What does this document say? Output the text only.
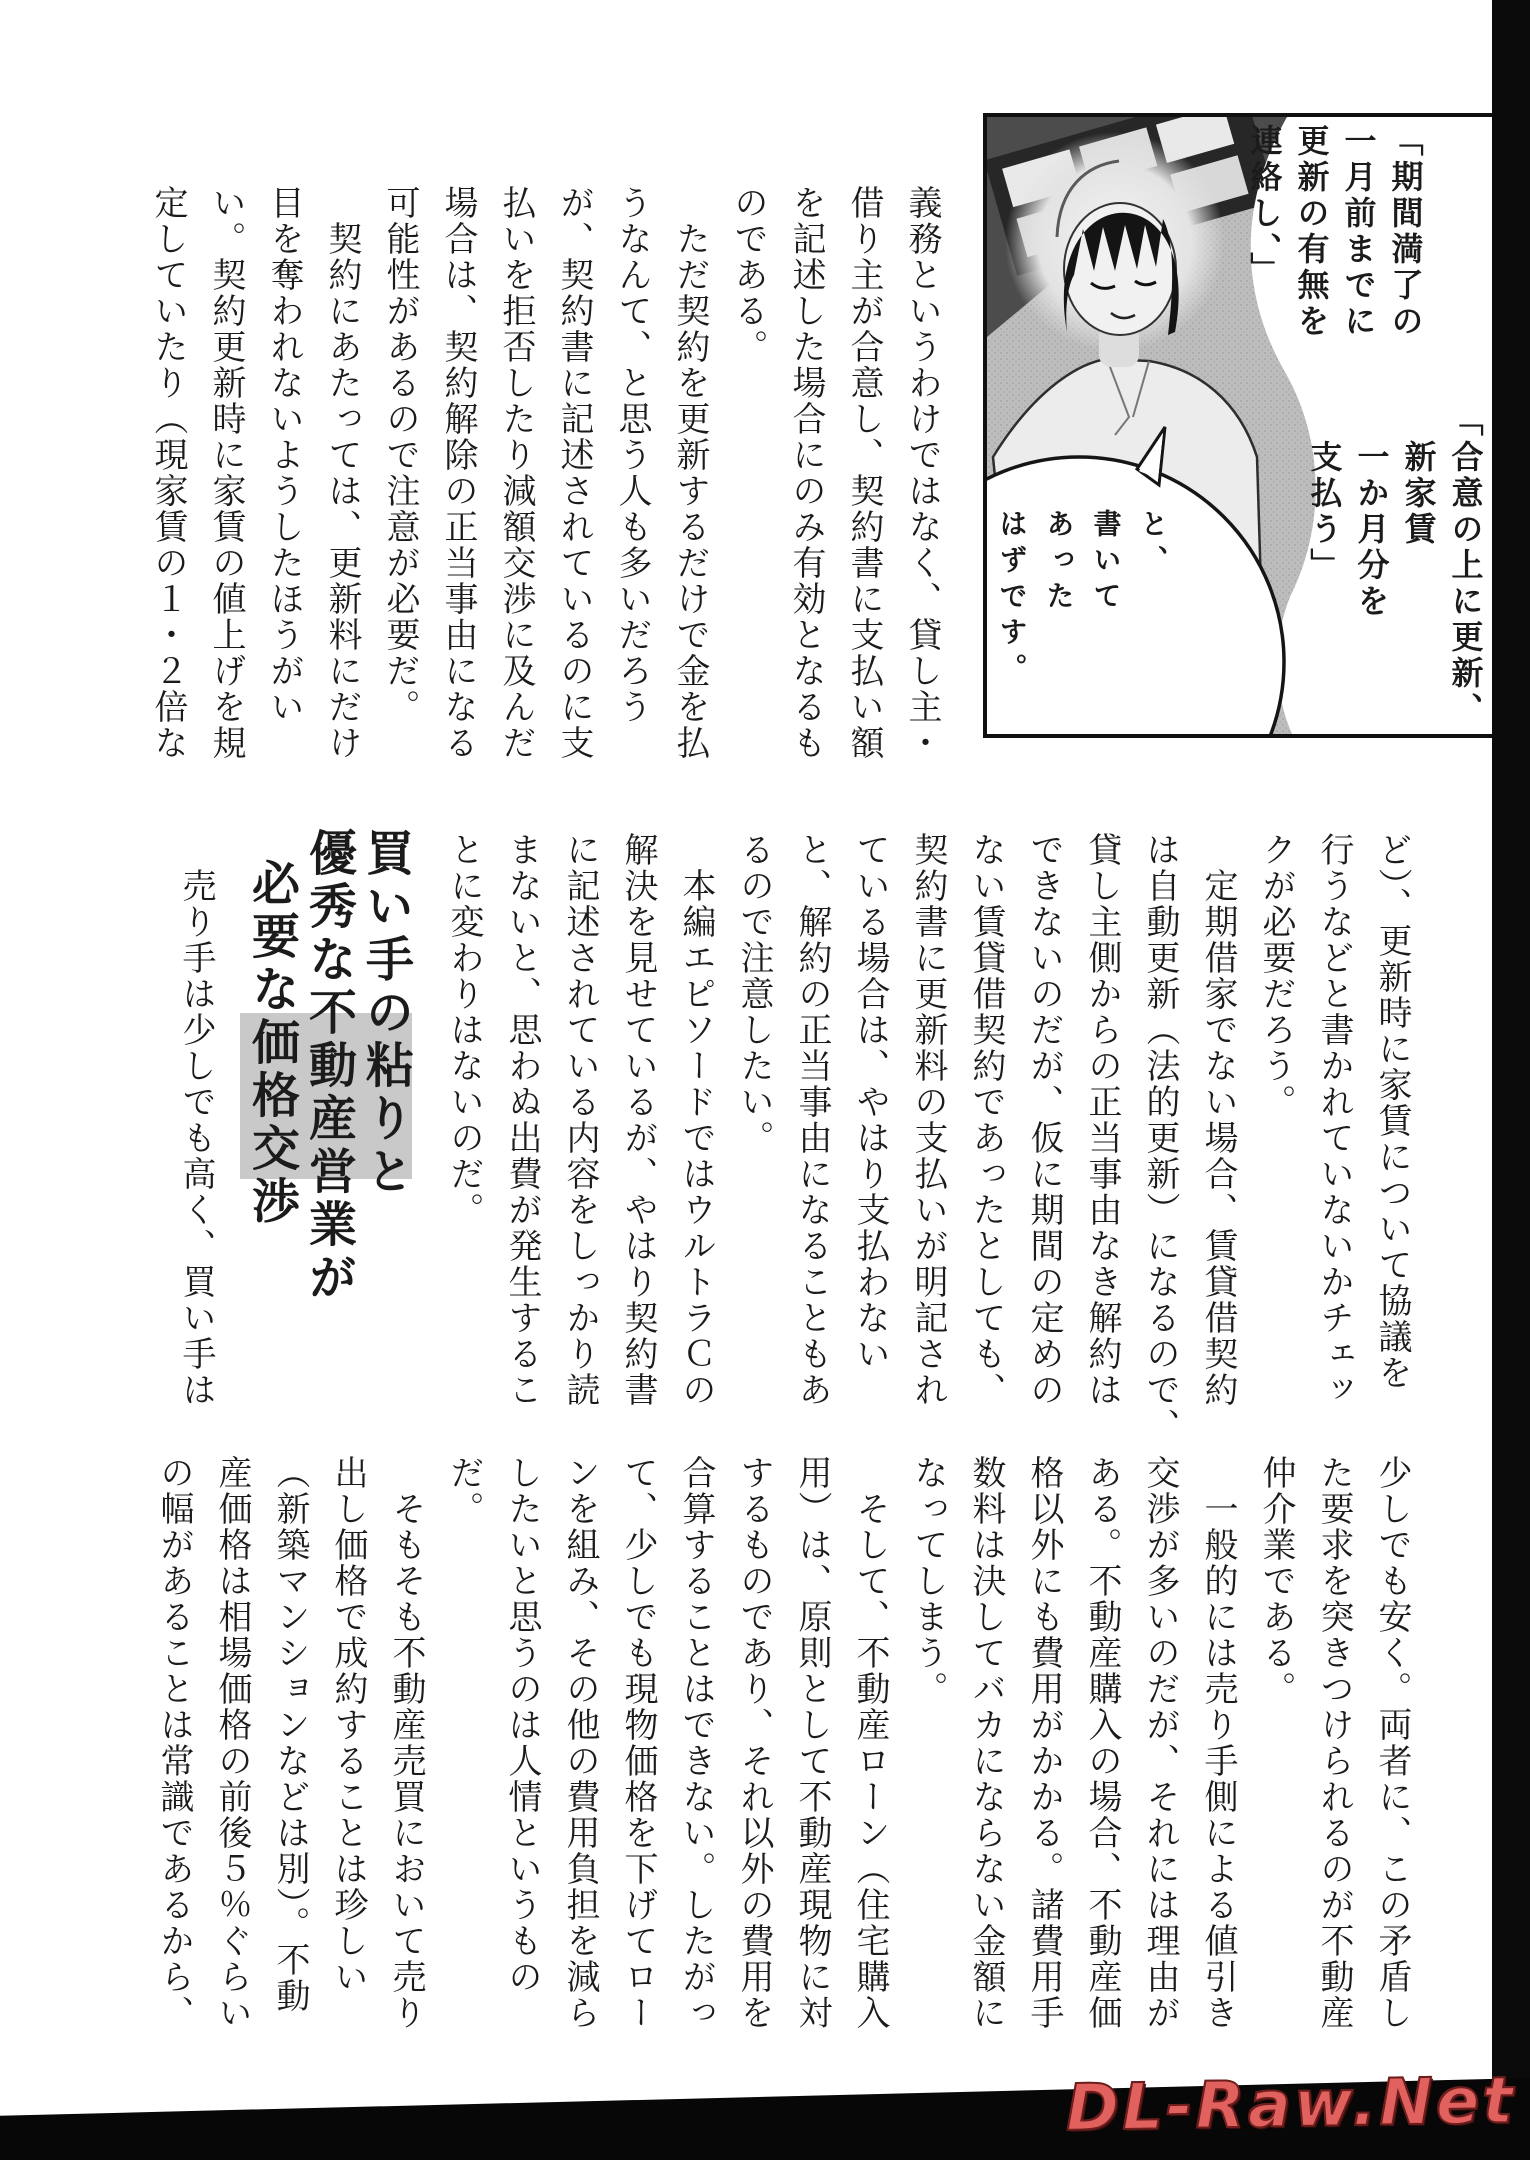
義務というわけではなく、貸し主・
借り主が合意し、契約書に支払い額
を記述した場合にのみ有効となるも
のである。
ただ契約を更新するだけで金を払
うなんて、と思う人も多いだろう
が、契約書に記述されているのに支
払いを拒否したり減額交渉に及んだ
場合は、契約解除の正当事由になる
可能性があるので注意が必要だ。
契約にあたっては、更新料にだけ
目を奪われないようしたほうがい
い。契約更新時に家賃の値上げを規
定していたり（現家賃の１・２倍な
ど）、更新時に家賃について協議を
行うなどと書かれていないかチェッ
クが必要だろう。
定期借家でない場合、賃貸借契約
は自動更新（法的更新）になるので、
貸し主側からの正当事由なき解約は
できないのだが、仮に期間の定めの
ない賃貸借契約であったとしても、
契約書に更新料の支払いが明記され
ている場合は、やはり支払わない
と、解約の正当事由になることもあ
るので注意したい。
本編エピソードではウルトラＣの
解決を見せているが、やはり契約書
に記述されている内容をしっかり読
まないと、思わぬ出費が発生するこ
とに変わりはないのだ。
買い手の粘りと
優秀な不動産営業が
必要な価格交渉
売り手は少しでも高く、買い手は
少しでも安く。両者に、この矛盾し
た要求を突きつけられるのが不動産
仲介業である。
一般的には売り手側による値引き
交渉が多いのだが、それには理由が
ある。不動産購入の場合、不動産価
格以外にも費用がかかる。諸費用手
数料は決してバカにならない金額に
なってしまう。
そして、不動産ローン（住宅購入
用）は、原則として不動産現物に対
するものであり、それ以外の費用を
合算することはできない。したがっ
て、少しでも現物価格を下げてロー
ンを組み、その他の費用負担を減ら
したいと思うのは人情というもの
だ。
そもそも不動産売買において売り
出し価格で成約することは珍しい
（新築マンションなどは別）。不動
産価格は相場価格の前後５％ぐらい
の幅があることは常識であるから、
「期間満了の
一月前までに
更新の有無を
連絡し、」
「合意の上に更新、
新家賃
一か月分を
支払う」
と、
書いて
あった
はずです。
DL-Raw.Net
